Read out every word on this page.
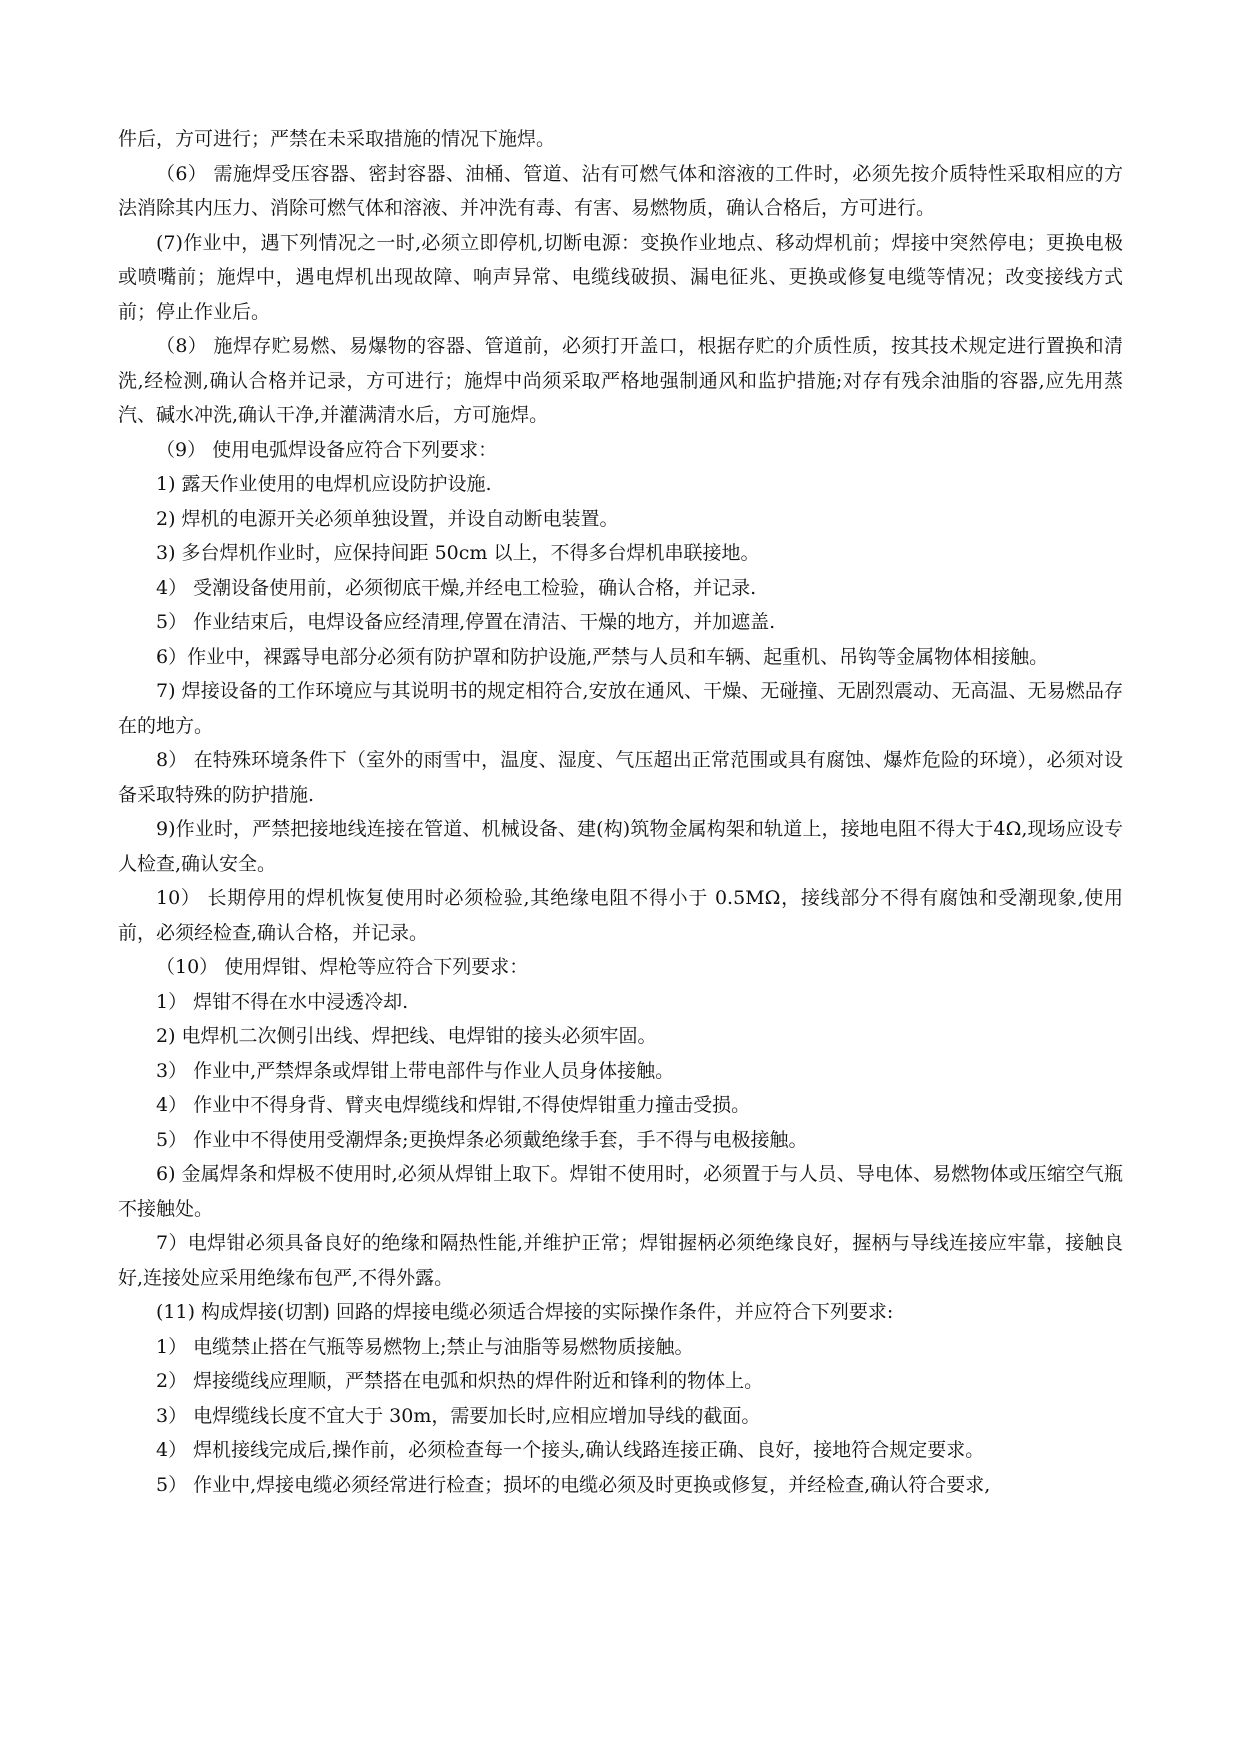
件后，方可进行；严禁在未采取措施的情况下施焊。

（6） 需施焊受压容器、密封容器、油桶、管道、沾有可燃气体和溶液的工件时，必须先按介质特性采取相应的方法消除其内压力、消除可燃气体和溶液、并冲洗有毒、有害、易燃物质，确认合格后，方可进行。

(7)作业中，遇下列情况之一时,必须立即停机,切断电源：变换作业地点、移动焊机前；焊接中突然停电；更换电极或喷嘴前；施焊中，遇电焊机出现故障、响声异常、电缆线破损、漏电征兆、更换或修复电缆等情况；改变接线方式前；停止作业后。

（8） 施焊存贮易燃、易爆物的容器、管道前，必须打开盖口，根据存贮的介质性质，按其技术规定进行置换和清洗,经检测,确认合格并记录，方可进行；施焊中尚须采取严格地强制通风和监护措施;对存有残余油脂的容器,应先用蒸汽、碱水冲洗,确认干净,并灌满清水后，方可施焊。

（9） 使用电弧焊设备应符合下列要求：

1) 露天作业使用的电焊机应设防护设施.

2) 焊机的电源开关必须单独设置，并设自动断电装置。

3) 多台焊机作业时，应保持间距 50cm 以上，不得多台焊机串联接地。

4） 受潮设备使用前，必须彻底干燥,并经电工检验，确认合格，并记录.

5） 作业结束后，电焊设备应经清理,停置在清洁、干燥的地方，并加遮盖.

6）作业中，裸露导电部分必须有防护罩和防护设施,严禁与人员和车辆、起重机、吊钩等金属物体相接触。

7) 焊接设备的工作环境应与其说明书的规定相符合,安放在通风、干燥、无碰撞、无剧烈震动、无高温、无易燃品存在的地方。

8） 在特殊环境条件下（室外的雨雪中，温度、湿度、气压超出正常范围或具有腐蚀、爆炸危险的环境），必须对设备采取特殊的防护措施.

9)作业时，严禁把接地线连接在管道、机械设备、建(构)筑物金属构架和轨道上，接地电阻不得大于4Ω,现场应设专人检查,确认安全。

10） 长期停用的焊机恢复使用时必须检验,其绝缘电阻不得小于 0.5MΩ，接线部分不得有腐蚀和受潮现象,使用前，必须经检查,确认合格，并记录。

（10） 使用焊钳、焊枪等应符合下列要求：

1） 焊钳不得在水中浸透冷却.

2) 电焊机二次侧引出线、焊把线、电焊钳的接头必须牢固。

3） 作业中,严禁焊条或焊钳上带电部件与作业人员身体接触。

4） 作业中不得身背、臂夹电焊缆线和焊钳,不得使焊钳重力撞击受损。

5） 作业中不得使用受潮焊条;更换焊条必须戴绝缘手套，手不得与电极接触。

6) 金属焊条和焊极不使用时,必须从焊钳上取下。焊钳不使用时，必须置于与人员、导电体、易燃物体或压缩空气瓶不接触处。

7）电焊钳必须具备良好的绝缘和隔热性能,并维护正常；焊钳握柄必须绝缘良好，握柄与导线连接应牢靠，接触良好,连接处应采用绝缘布包严,不得外露。

(11) 构成焊接(切割) 回路的焊接电缆必须适合焊接的实际操作条件，并应符合下列要求:

1） 电缆禁止搭在气瓶等易燃物上;禁止与油脂等易燃物质接触。

2） 焊接缆线应理顺，严禁搭在电弧和炽热的焊件附近和锋利的物体上。

3） 电焊缆线长度不宜大于 30m，需要加长时,应相应增加导线的截面。

4） 焊机接线完成后,操作前，必须检查每一个接头,确认线路连接正确、良好，接地符合规定要求。

5） 作业中,焊接电缆必须经常进行检查；损坏的电缆必须及时更换或修复，并经检查,确认符合要求,
